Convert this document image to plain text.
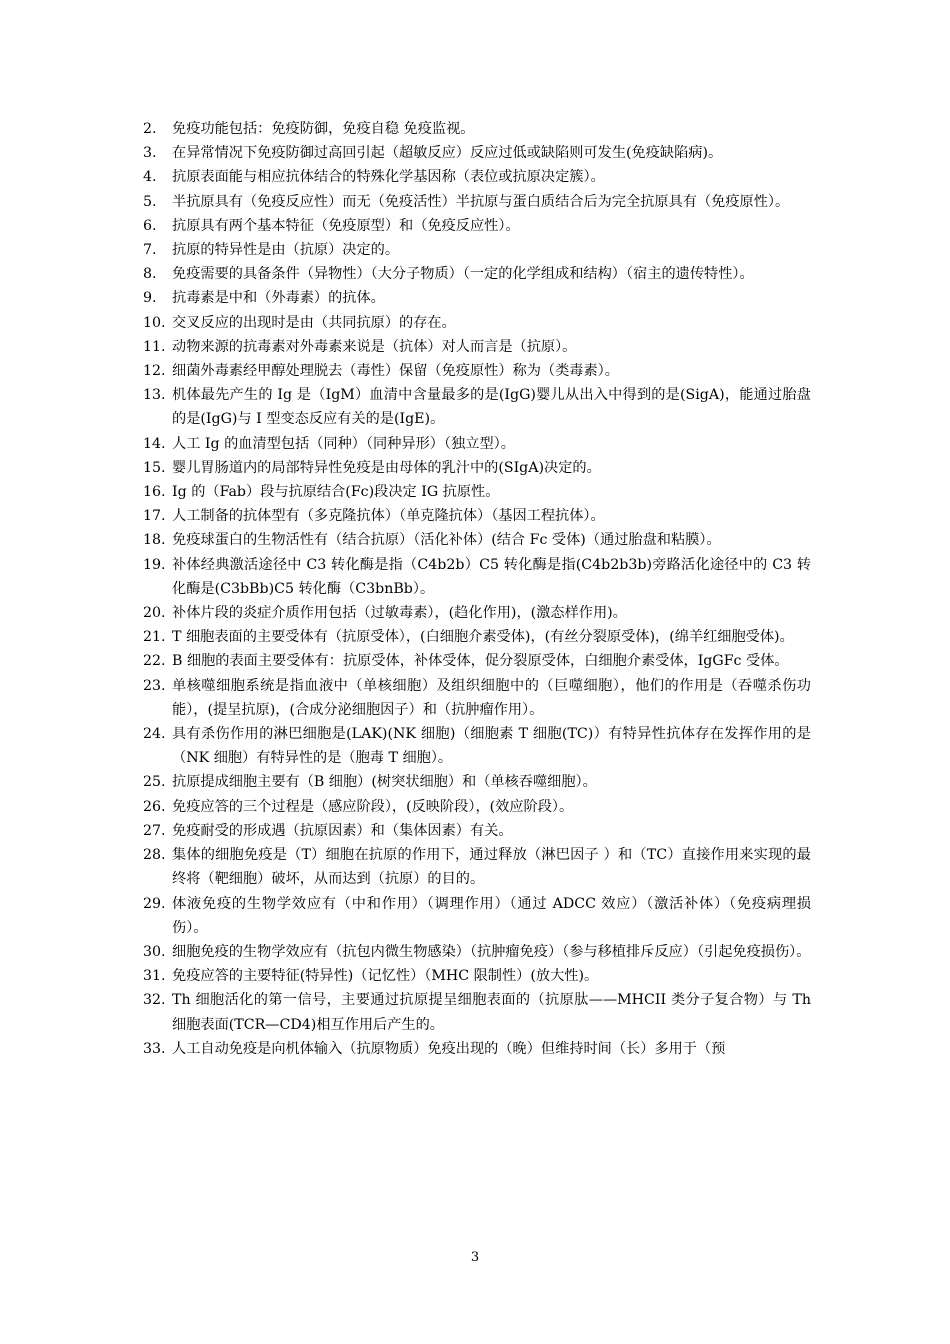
2.	免疫功能包括：免疫防御，免疫自稳 免疫监视。
3.	在异常情况下免疫防御过高回引起（超敏反应）反应过低或缺陷则可发生(免疫缺陷病)。
4.	抗原表面能与相应抗体结合的特殊化学基因称（表位或抗原决定簇）。
5.	半抗原具有（免疫反应性）而无（免疫活性）半抗原与蛋白质结合后为完全抗原具有（免疫原性）。
6.	抗原具有两个基本特征（免疫原型）和（免疫反应性）。
7.	抗原的特异性是由（抗原）决定的。
8.	免疫需要的具备条件（异物性）（大分子物质）（一定的化学组成和结构）（宿主的遗传特性）。
9.	抗毒素是中和（外毒素）的抗体。
10. 交叉反应的出现时是由（共同抗原）的存在。
11. 动物来源的抗毒素对外毒素来说是（抗体）对人而言是（抗原）。
12. 细菌外毒素经甲醇处理脱去（毒性）保留（免疫原性）称为（类毒素）。
13. 机体最先产生的 Ig 是（IgM）血清中含量最多的是(IgG)婴儿从出入中得到的是(SigA)，能通过胎盘的是(IgG)与 I 型变态反应有关的是(IgE)。
14. 人工 Ig 的血清型包括（同种）（同种异形）（独立型）。
15. 婴儿胃肠道内的局部特异性免疫是由母体的乳汁中的(SIgA)决定的。
16. Ig 的（Fab）段与抗原结合(Fc)段决定 IG 抗原性。
17. 人工制备的抗体型有（多克隆抗体）（单克隆抗体）（基因工程抗体）。
18. 免疫球蛋白的生物活性有（结合抗原）（活化补体）(结合 Fc 受体)（通过胎盘和粘膜）。
19. 补体经典激活途径中 C3 转化酶是指（C4b2b）C5 转化酶是指(C4b2b3b)旁路活化途径中的 C3 转化酶是(C3bBb)C5 转化酶（C3bnBb）。
20. 补体片段的炎症介质作用包括（过敏毒素），(趋化作用)，(激态样作用)。
21. T 细胞表面的主要受体有（抗原受体），(白细胞介素受体)，(有丝分裂原受体)，(绵羊红细胞受体)。
22. B 细胞的表面主要受体有：抗原受体，补体受体，促分裂原受体，白细胞介素受体，IgGFc 受体。
23. 单核噬细胞系统是指血液中（单核细胞）及组织细胞中的（巨噬细胞），他们的作用是（吞噬杀伤功能），(提呈抗原)，(合成分泌细胞因子）和（抗肿瘤作用）。
24. 具有杀伤作用的淋巴细胞是(LAK)(NK 细胞)（细胞素 T 细胞(TC)）有特异性抗体存在发挥作用的是 （NK 细胞）有特异性的是（胞毒 T 细胞）。
25. 抗原提成细胞主要有（B 细胞）(树突状细胞）和（单核吞噬细胞）。
26. 免疫应答的三个过程是（感应阶段），(反映阶段），(效应阶段）。
27. 免疫耐受的形成遇（抗原因素）和（集体因素）有关。
28. 集体的细胞免疫是（T）细胞在抗原的作用下，通过释放（淋巴因子 ）和（TC）直接作用来实现的最终将（靶细胞）破坏，从而达到（抗原）的目的。
29. 体液免疫的生物学效应有（中和作用）（调理作用）（通过 ADCC 效应）（激活补体）（免疫病理损伤）。
30. 细胞免疫的生物学效应有（抗包内微生物感染）（抗肿瘤免疫）（参与移植排斥反应）（引起免疫损伤）。
31. 免疫应答的主要特征(特异性)（记忆性）（MHC 限制性）(放大性)。
32. Th 细胞活化的第一信号，主要通过抗原提呈细胞表面的（抗原肽——MHCII 类分子复合物）与 Th 细胞表面(TCR—CD4)相互作用后产生的。
33. 人工自动免疫是向机体输入（抗原物质）免疫出现的（晚）但维持时间（长）多用于（预
3
